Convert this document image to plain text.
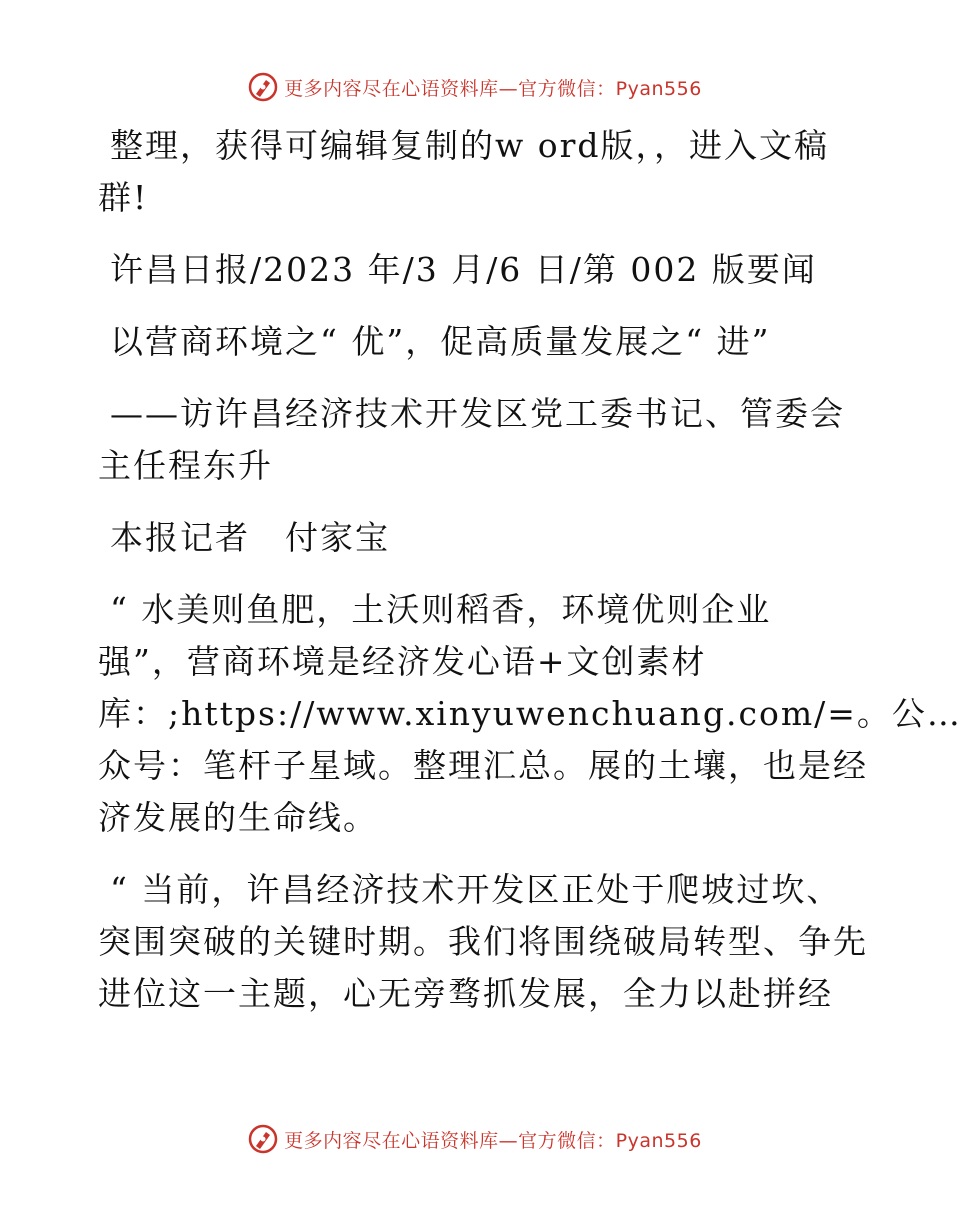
更多内容尽在心语资料库—官方微信：Pyan556
整理，获得可编辑复制的w ord版，，进入文稿
群!
许昌日报/2023 年/3 月/6 日/第 002 版要闻
以营商环境之“ 优”，促高质量发展之“ 进”
——访许昌经济技术开发区党工委书记、管委会
主任程东升
本报记者　付家宝
“ 水美则鱼肥，土沃则稻香，环境优则企业
强”，营商环境是经济发心语+文创素材
库：;https://www.xinyuwenchuang.com/=。公…
众号：笔杆子星域。整理汇总。展的土壤，也是经
济发展的生命线。
“ 当前，许昌经济技术开发区正处于爬坡过坎、
突围突破的关键时期。我们将围绕破局转型、争先
进位这一主题，心无旁骛抓发展，全力以赴拼经
更多内容尽在心语资料库—官方微信：Pyan556
